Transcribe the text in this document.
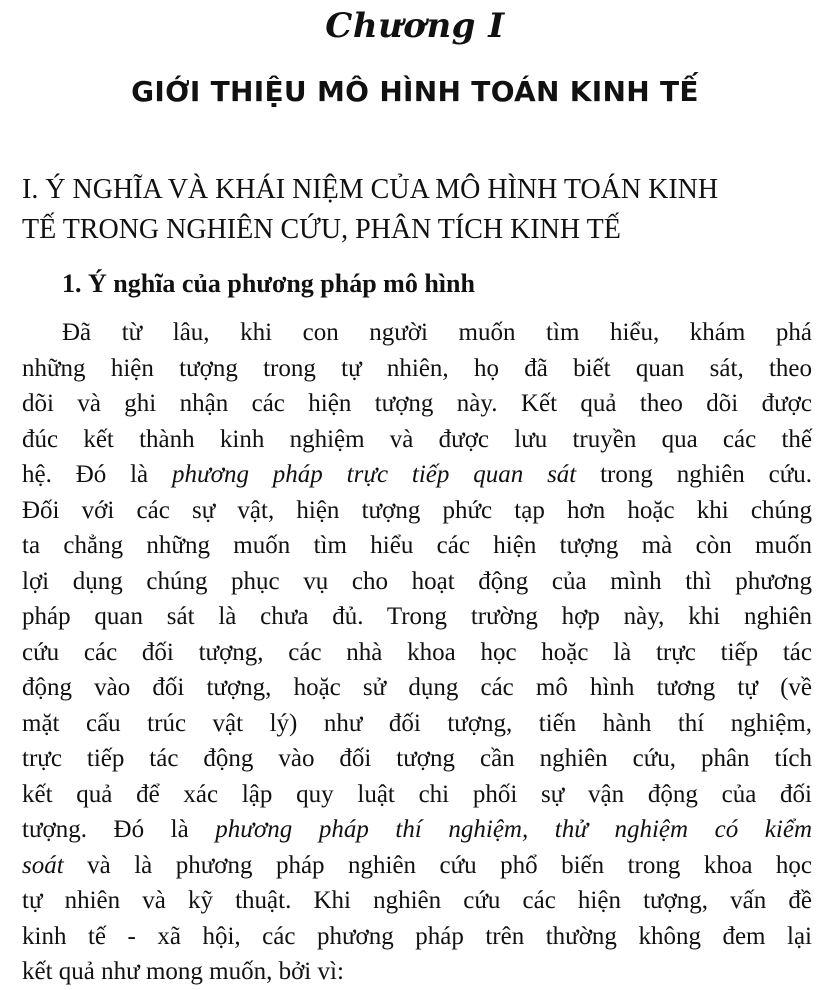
Chương I
GIỚI THIỆU MÔ HÌNH TOÁN KINH TẾ
I. Ý NGHĨA VÀ KHÁI NIỆM CỦA MÔ HÌNH TOÁN KINH
TẾ TRONG NGHIÊN CỨU, PHÂN TÍCH KINH TẾ
1. Ý nghĩa của phương pháp mô hình
Đã từ lâu, khi con người muốn tìm hiểu, khám phá
những hiện tượng trong tự nhiên, họ đã biết quan sát, theo
dõi và ghi nhận các hiện tượng này. Kết quả theo dõi được
đúc kết thành kinh nghiệm và được lưu truyền qua các thế
hệ. Đó là phương pháp trực tiếp quan sát trong nghiên cứu.
Đối với các sự vật, hiện tượng phức tạp hơn hoặc khi chúng
ta chẳng những muốn tìm hiểu các hiện tượng mà còn muốn
lợi dụng chúng phục vụ cho hoạt động của mình thì phương
pháp quan sát là chưa đủ. Trong trường hợp này, khi nghiên
cứu các đối tượng, các nhà khoa học hoặc là trực tiếp tác
động vào đối tượng, hoặc sử dụng các mô hình tương tự (về
mặt cấu trúc vật lý) như đối tượng, tiến hành thí nghiệm,
trực tiếp tác động vào đối tượng cần nghiên cứu, phân tích
kết quả để xác lập quy luật chi phối sự vận động của đối
tượng. Đó là phương pháp thí nghiệm, thử nghiệm có kiểm
soát và là phương pháp nghiên cứu phổ biến trong khoa học
tự nhiên và kỹ thuật. Khi nghiên cứu các hiện tượng, vấn đề
kinh tế - xã hội, các phương pháp trên thường không đem lại
kết quả như mong muốn, bởi vì:
